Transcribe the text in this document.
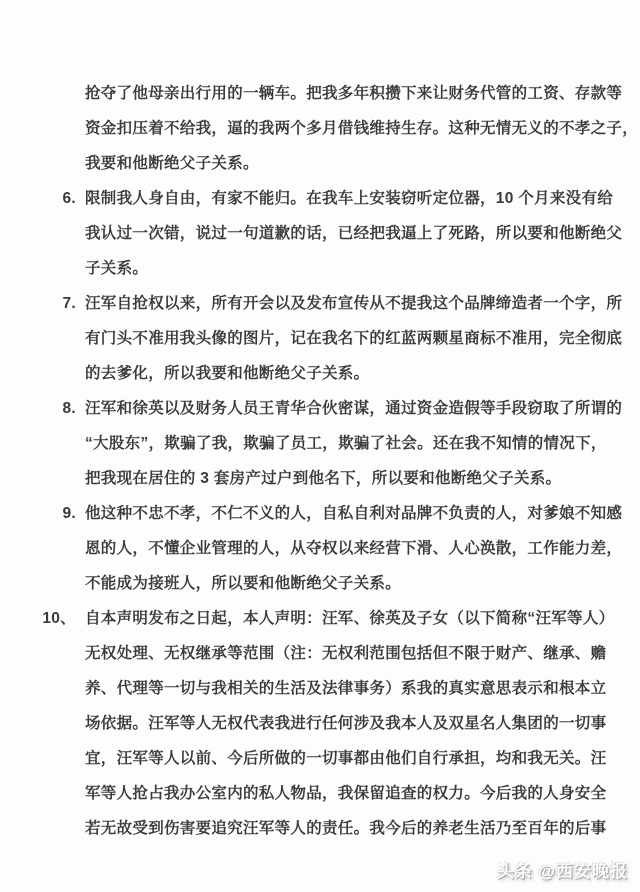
抢夺了他母亲出行用的一辆车。把我多年积攒下来让财务代管的工资、存款等
资金扣压着不给我，逼的我两个多月借钱维持生存。这种无情无义的不孝之子，
我要和他断绝父子关系。
6. 限制我人身自由，有家不能归。在我车上安装窃听定位器，10 个月来没有给
我认过一次错，说过一句道歉的话，已经把我逼上了死路，所以要和他断绝父
子关系。
7. 汪军自抢权以来，所有开会以及发布宣传从不提我这个品牌缔造者一个字，所
有门头不准用我头像的图片，记在我名下的红蓝两颗星商标不准用，完全彻底
的去爹化，所以我要和他断绝父子关系。
8. 汪军和徐英以及财务人员王青华合伙密谋，通过资金造假等手段窃取了所谓的
“大股东”，欺骗了我，欺骗了员工，欺骗了社会。还在我不知情的情况下，
把我现在居住的 3 套房产过户到他名下，所以要和他断绝父子关系。
9. 他这种不忠不孝，不仁不义的人，自私自利对品牌不负责的人，对爹娘不知感
恩的人，不懂企业管理的人，从夺权以来经营下滑、人心涣散，工作能力差，
不能成为接班人，所以要和他断绝父子关系。
10、 自本声明发布之日起，本人声明：汪军、徐英及子女（以下简称“汪军等人）
无权处理、无权继承等范围（注：无权利范围包括但不限于财产、继承、赡
养、代理等一切与我相关的生活及法律事务）系我的真实意思表示和根本立
场依据。汪军等人无权代表我进行任何涉及我本人及双星名人集团的一切事
宜，汪军等人以前、今后所做的一切事都由他们自行承担，均和我无关。汪
军等人抢占我办公室内的私人物品，我保留追查的权力。今后我的人身安全
若无故受到伤害要追究汪军等人的责任。我今后的养老生活乃至百年的后事
头条 @西安晚报
